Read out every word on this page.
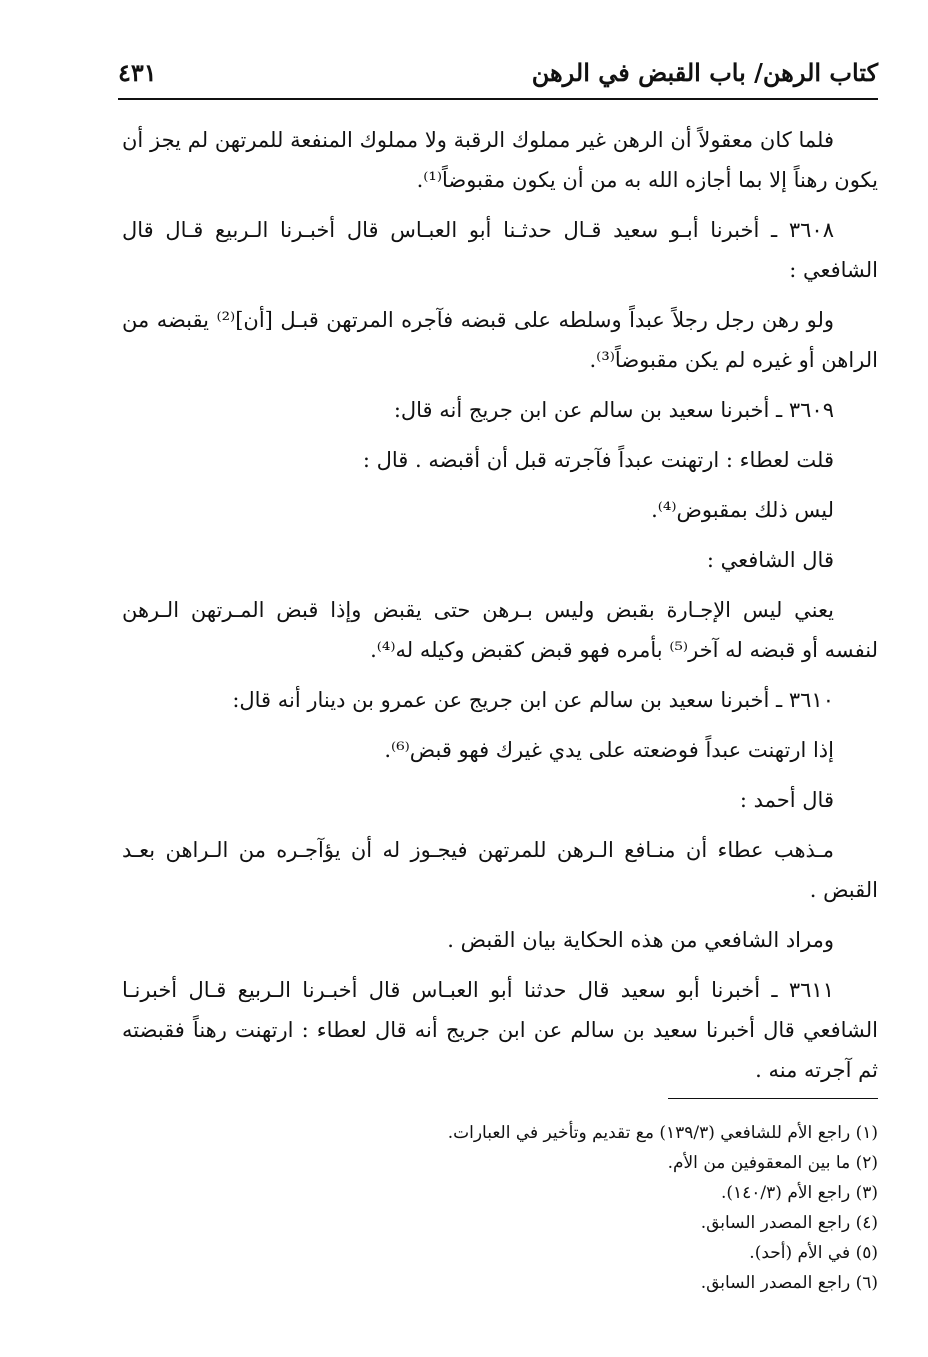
كتاب الرهن/ باب القبض في الرهن
٤٣١

فلما كان معقولاً أن الرهن غير مملوك الرقبة ولا مملوك المنفعة للمرتهن لم يجز أن يكون رهناً إلا بما أجازه الله به من أن يكون مقبوضاً⁽¹⁾.

٣٦٠٨ ـ أخبرنا أبـو سعيد قـال حدثـنا أبو العبـاس قال أخبـرنا الـربيع قـال قال الشافعي :

ولو رهن رجل رجلاً عبداً وسلطه على قبضه فآجره المرتهن قبـل [أن]⁽²⁾ يقبضه من الراهن أو غيره لم يكن مقبوضاً⁽³⁾.

٣٦٠٩ ـ أخبرنا سعيد بن سالم عن ابن جريج أنه قال:

قلت لعطاء : ارتهنت عبداً فآجرته قبل أن أقبضه . قال :

ليس ذلك بمقبوض⁽⁴⁾.

قال الشافعي :

يعني ليس الإجـارة بقبض وليس بـرهن حتى يقبض وإذا قبض المـرتهن الـرهن لنفسه أو قبضه له آخر⁽⁵⁾ بأمره فهو قبض كقبض وكيله له⁽⁴⁾.

٣٦١٠ ـ أخبرنا سعيد بن سالم عن ابن جريج عن عمرو بن دينار أنه قال:

إذا ارتهنت عبداً فوضعته على يدي غيرك فهو قبض⁽⁶⁾.

قال أحمد :

مـذهب عطاء أن منـافع الـرهن للمرتهن فيجـوز له أن يؤآجـره من الـراهن بعـد القبض .

ومراد الشافعي من هذه الحكاية بيان القبض .

٣٦١١ ـ أخبرنا أبو سعيد قال حدثنا أبو العبـاس قال أخبـرنا الـربيع قـال أخبرنـا الشافعي قال أخبرنا سعيد بن سالم عن ابن جريج أنه قال لعطاء : ارتهنت رهناً فقبضته ثم آجرته منه .

(١) راجع الأم للشافعي (١٣٩/٣) مع تقديم وتأخير في العبارات.

(٢) ما بين المعقوفين من الأم.

(٣) راجع الأم (١٤٠/٣).

(٤) راجع المصدر السابق.

(٥) في الأم (أحد).

(٦) راجع المصدر السابق.
